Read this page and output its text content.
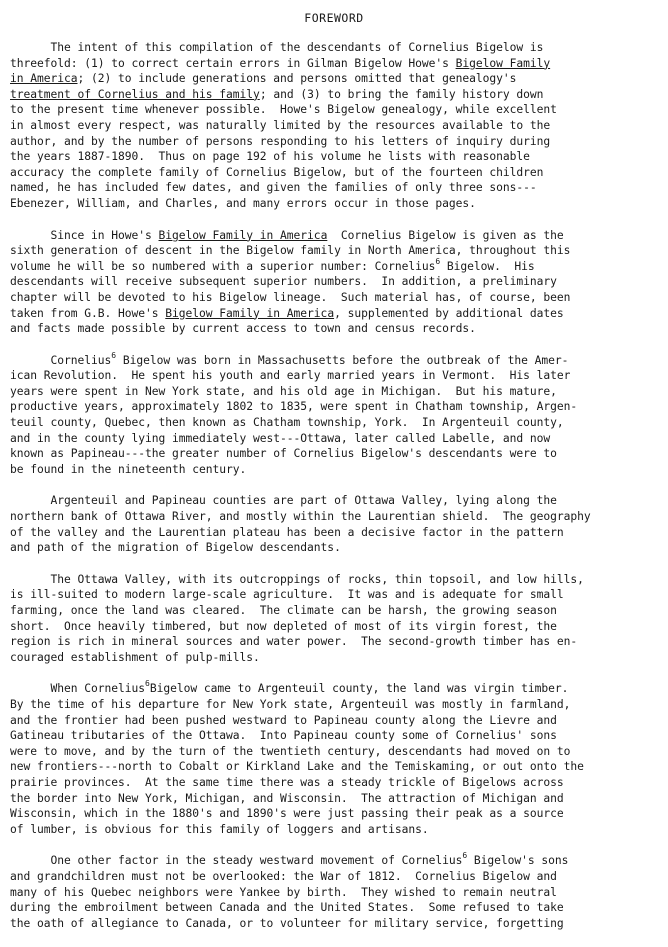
FOREWORD
The intent of this compilation of the descendants of Cornelius Bigelow is
threefold: (1) to correct certain errors in Gilman Bigelow Howe's Bigelow Family
in America; (2) to include generations and persons omitted that genealogy's
treatment of Cornelius and his family; and (3) to bring the family history down
to the present time whenever possible.  Howe's Bigelow genealogy, while excellent
in almost every respect, was naturally limited by the resources available to the
author, and by the number of persons responding to his letters of inquiry during
the years 1887-1890.  Thus on page 192 of his volume he lists with reasonable
accuracy the complete family of Cornelius Bigelow, but of the fourteen children
named, he has included few dates, and given the families of only three sons---
Ebenezer, William, and Charles, and many errors occur in those pages.
Since in Howe's Bigelow Family in America  Cornelius Bigelow is given as the
sixth generation of descent in the Bigelow family in North America, throughout this
volume he will be so numbered with a superior number: Cornelius$^6$ Bigelow.  His
descendants will receive subsequent superior numbers.  In addition, a preliminary
chapter will be devoted to his Bigelow lineage.  Such material has, of course, been
taken from G.B. Howe's Bigelow Family in America, supplemented by additional dates
and facts made possible by current access to town and census records.
Cornelius$^6$ Bigelow was born in Massachusetts before the outbreak of the Amer-
ican Revolution.  He spent his youth and early married years in Vermont.  His later
years were spent in New York state, and his old age in Michigan.  But his mature,
productive years, approximately 1802 to 1835, were spent in Chatham township, Argen-
teuil county, Quebec, then known as Chatham township, York.  In Argenteuil county,
and in the county lying immediately west---Ottawa, later called Labelle, and now
known as Papineau---the greater number of Cornelius Bigelow's descendants were to
be found in the nineteenth century.
Argenteuil and Papineau counties are part of Ottawa Valley, lying along the
northern bank of Ottawa River, and mostly within the Laurentian shield.  The geography
of the valley and the Laurentian plateau has been a decisive factor in the pattern
and path of the migration of Bigelow descendants.
The Ottawa Valley, with its outcroppings of rocks, thin topsoil, and low hills,
is ill-suited to modern large-scale agriculture.  It was and is adequate for small
farming, once the land was cleared.  The climate can be harsh, the growing season
short.  Once heavily timbered, but now depleted of most of its virgin forest, the
region is rich in mineral sources and water power.  The second-growth timber has en-
couraged establishment of pulp-mills.
When Cornelius$^6$Bigelow came to Argenteuil county, the land was virgin timber.
By the time of his departure for New York state, Argenteuil was mostly in farmland,
and the frontier had been pushed westward to Papineau county along the Lievre and
Gatineau tributaries of the Ottawa.  Into Papineau county some of Cornelius' sons
were to move, and by the turn of the twentieth century, descendants had moved on to
new frontiers---north to Cobalt or Kirkland Lake and the Temiskaming, or out onto the
prairie provinces.  At the same time there was a steady trickle of Bigelows across
the border into New York, Michigan, and Wisconsin.  The attraction of Michigan and
Wisconsin, which in the 1880's and 1890's were just passing their peak as a source
of lumber, is obvious for this family of loggers and artisans.
One other factor in the steady westward movement of Cornelius$^6$ Bigelow's sons
and grandchildren must not be overlooked: the War of 1812.  Cornelius Bigelow and
many of his Quebec neighbors were Yankee by birth.  They wished to remain neutral
during the embroilment between Canada and the United States.  Some refused to take
the oath of allegiance to Canada, or to volunteer for military service, forgetting
